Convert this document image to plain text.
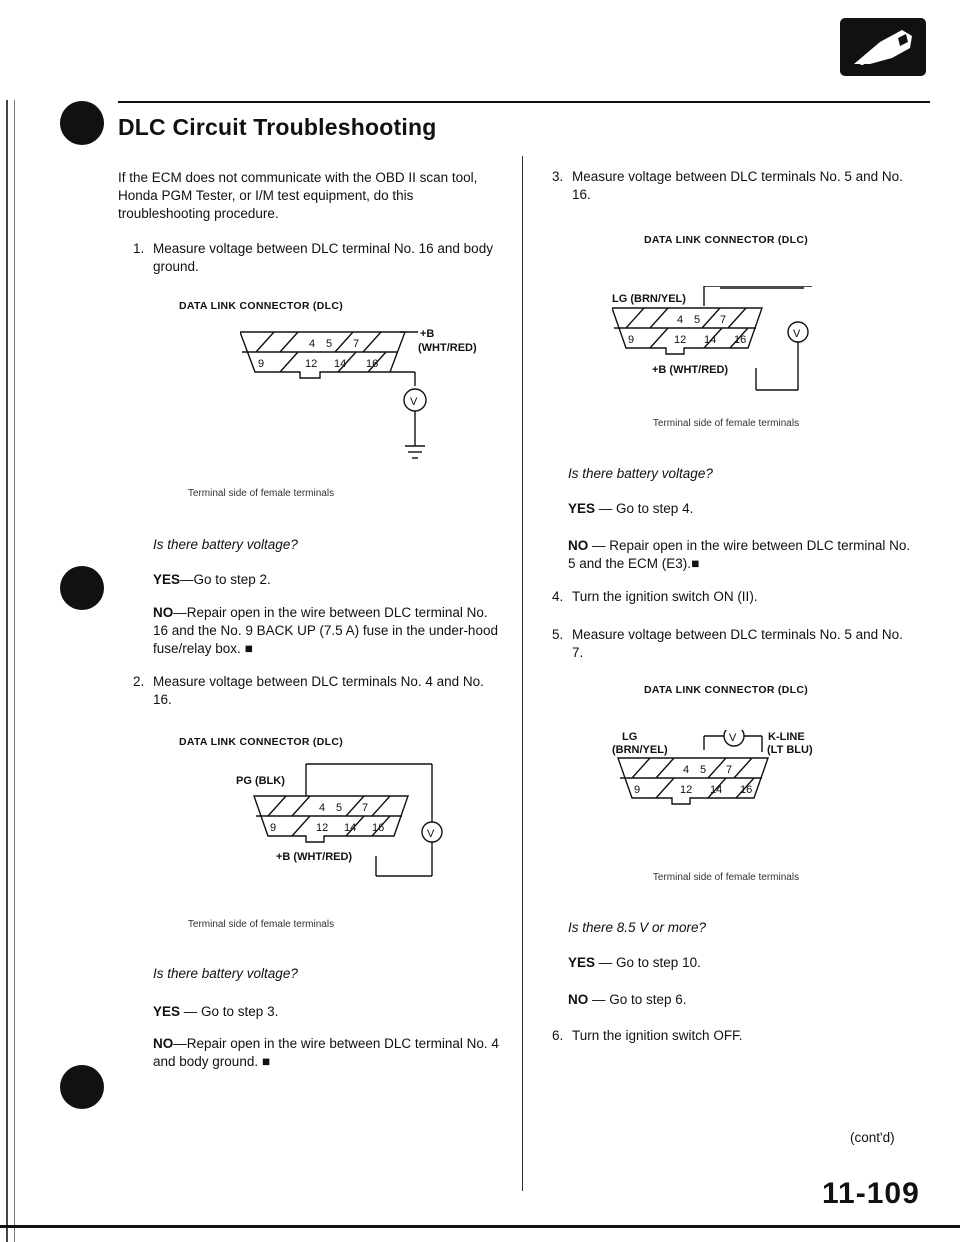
DLC Circuit Troubleshooting
If the ECM does not communicate with the OBD II scan tool, Honda PGM Tester, or I/M test equipment, do this troubleshooting procedure.
1. Measure voltage between DLC terminal No. 16 and body ground.
DATA LINK CONNECTOR (DLC)
4 5 7
9	12 14 16
V
+B
(WHT/RED)
Terminal side of female terminals
Is there battery voltage?
YES—Go to step 2.
NO—Repair open in the wire between DLC terminal No. 16 and the No. 9 BACK UP (7.5 A) fuse in the under-hood fuse/relay box. ■
2. Measure voltage between DLC terminals No. 4 and No. 16.
DATA LINK CONNECTOR (DLC)
4 5 7
9	12 14 16	V
PG (BLK)
+B (WHT/RED)
Terminal side of female terminals
Is there battery voltage?
YES — Go to step 3.
NO—Repair open in the wire between DLC terminal No. 4 and body ground. ■
3. Measure voltage between DLC terminals No. 5 and No. 16.
DATA LINK CONNECTOR (DLC)
4 5 7
9	12 14 16	V
LG (BRN/YEL)
+B (WHT/RED)
Terminal side of female terminals
Is there battery voltage?
YES — Go to step 4.
NO — Repair open in the wire between DLC terminal No. 5 and the ECM (E3).■
4. Turn the ignition switch ON (II).
5. Measure voltage between DLC terminals No. 5 and No. 7.
DATA LINK CONNECTOR (DLC)
4 5 7
9	12 14 16
V
LG
(BRN/YEL)
K-LINE
(LT BLU)
Terminal side of female terminals
Is there 8.5 V or more?
YES — Go to step 10.
NO — Go to step 6.
6. Turn the ignition switch OFF.
(cont'd)
11-109
